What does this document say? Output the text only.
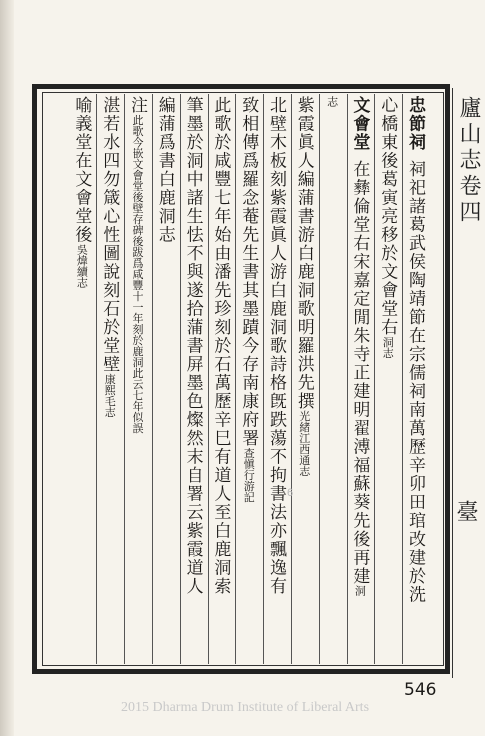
廬山志卷四
臺
忠節祠祠祀諸葛武侯陶靖節在宗儒祠南萬歷辛卯田琯改建於洗
心橋東後葛寅亮移於文會堂右洞志
文會堂在彝倫堂右宋嘉定閒朱寺正建明翟溥福蘇葵先後再建洞
志
紫霞眞人編蒲書游白鹿洞歌明羅洪先撰光緒江西通志
北壁木板刻紫霞眞人游白鹿洞歌詩格旣跌蕩不拘書法亦飄逸有
致相傳爲羅念菴先生書其墨蹟今存南康府署查愼行游記
此歌於咸豐七年始由潘先珍刻於石萬歷辛巳有道人至白鹿洞索
筆墨於洞中諸生怯不與遂拾蒲書屏墨色燦然末自署云紫霞道人
編蒲爲書白鹿洞志
注此歌今嵌文會堂後壁存碑後跋爲咸豐十一年刻於鹿洞此云七年似誤
湛若水四勿箴心性圖說刻石於堂壁康熙毛志
喻義堂在文會堂後吳煒續志
6
546
2015 Dharma Drum Institute of Liberal Arts
